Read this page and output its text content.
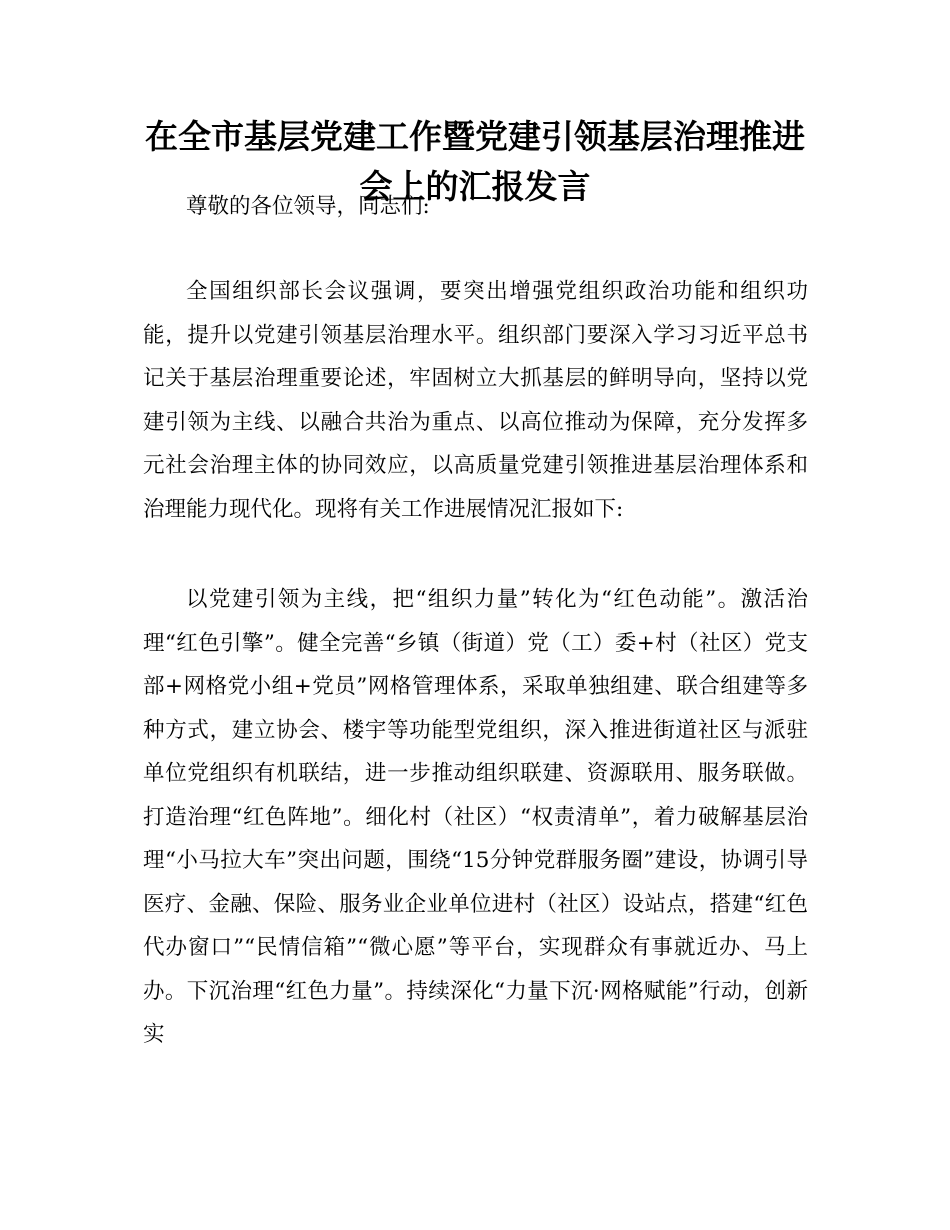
在全市基层党建工作暨党建引领基层治理推进
会上的汇报发言

尊敬的各位领导，同志们:

全国组织部长会议强调，要突出增强党组织政治功能和组织功能，提升以党建引领基层治理水平。组织部门要深入学习习近平总书记关于基层治理重要论述，牢固树立大抓基层的鲜明导向，坚持以党建引领为主线、以融合共治为重点、以高位推动为保障，充分发挥多元社会治理主体的协同效应，以高质量党建引领推进基层治理体系和治理能力现代化。现将有关工作进展情况汇报如下:

以党建引领为主线，把“组织力量”转化为“红色动能”。激活治理“红色引擎”。健全完善“乡镇（街道）党（工）委+村（社区）党支部+网格党小组+党员”网格管理体系，采取单独组建、联合组建等多种方式，建立协会、楼宇等功能型党组织，深入推进街道社区与派驻单位党组织有机联结，进一步推动组织联建、资源联用、服务联做。打造治理“红色阵地”。细化村（社区）“权责清单”，着力破解基层治理“小马拉大车”突出问题，围绕“15分钟党群服务圈”建设，协调引导医疗、金融、保险、服务业企业单位进村（社区）设站点，搭建“红色代办窗口”“民情信箱”“微心愿”等平台，实现群众有事就近办、马上办。下沉治理“红色力量”。持续深化“力量下沉·网格赋能”行动，创新实
